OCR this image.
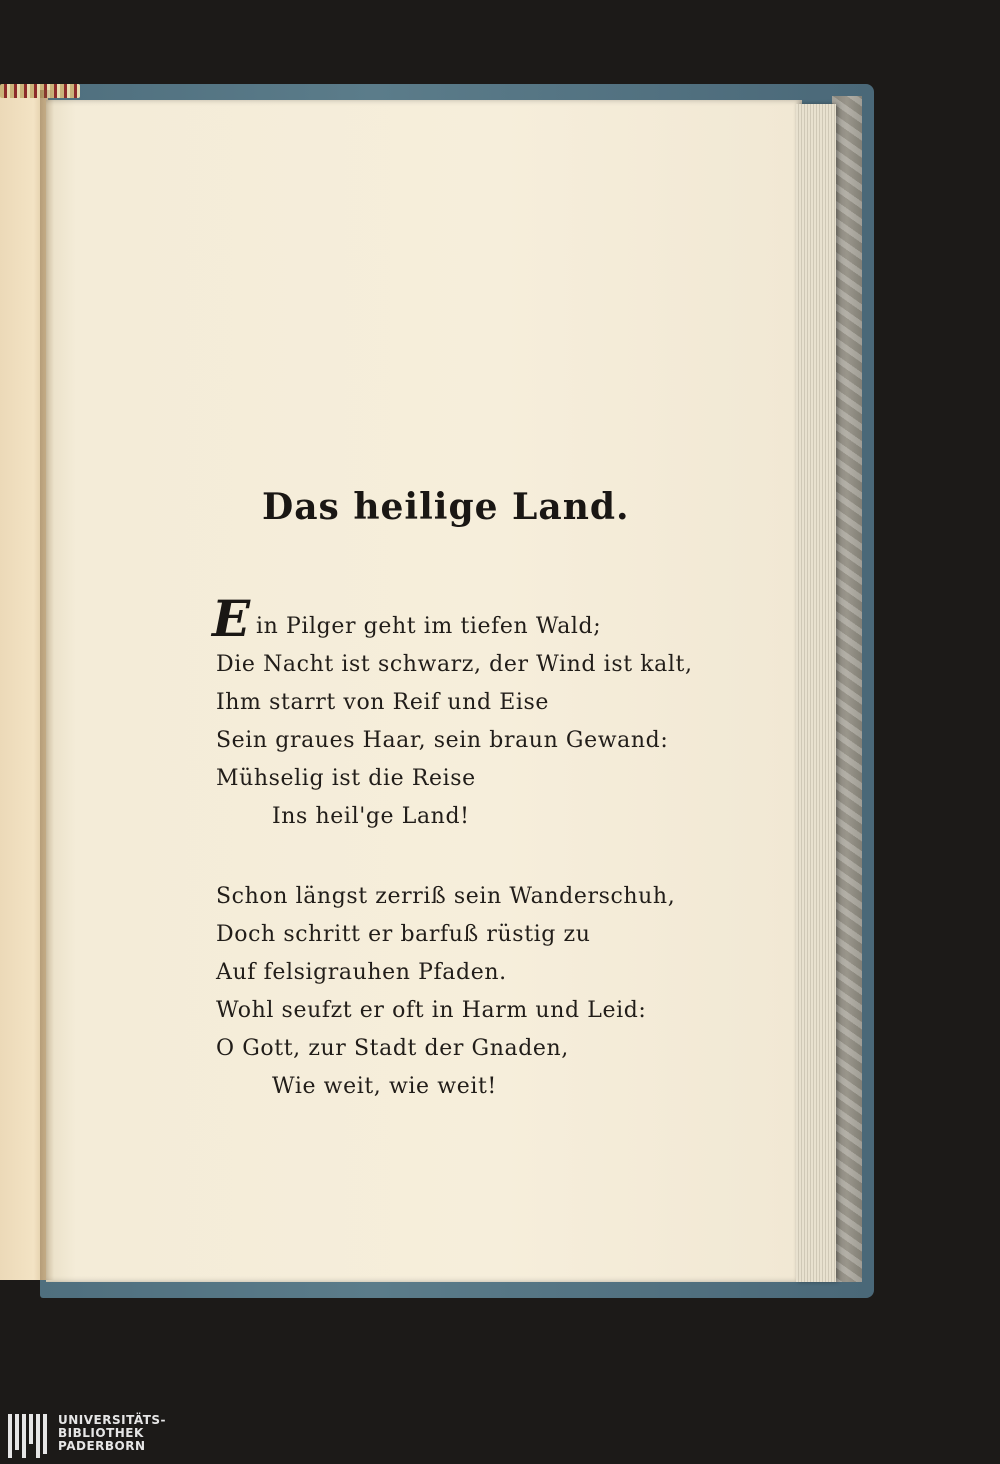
Das heilige Land.
E in Pilger geht im tiefen Wald;
Die Nacht ist schwarz, der Wind ist kalt,
Ihm starrt von Reif und Eise
Sein graues Haar, sein braun Gewand:
Mühselig ist die Reise
Ins heil'ge Land!
Schon längst zerriß sein Wanderschuh,
Doch schritt er barfuß rüstig zu
Auf felsigrauhen Pfaden.
Wohl seufzt er oft in Harm und Leid:
O Gott, zur Stadt der Gnaden,
Wie weit, wie weit!
UNIVERSITÄTS-
BIBLIOTHEK
PADERBORN
